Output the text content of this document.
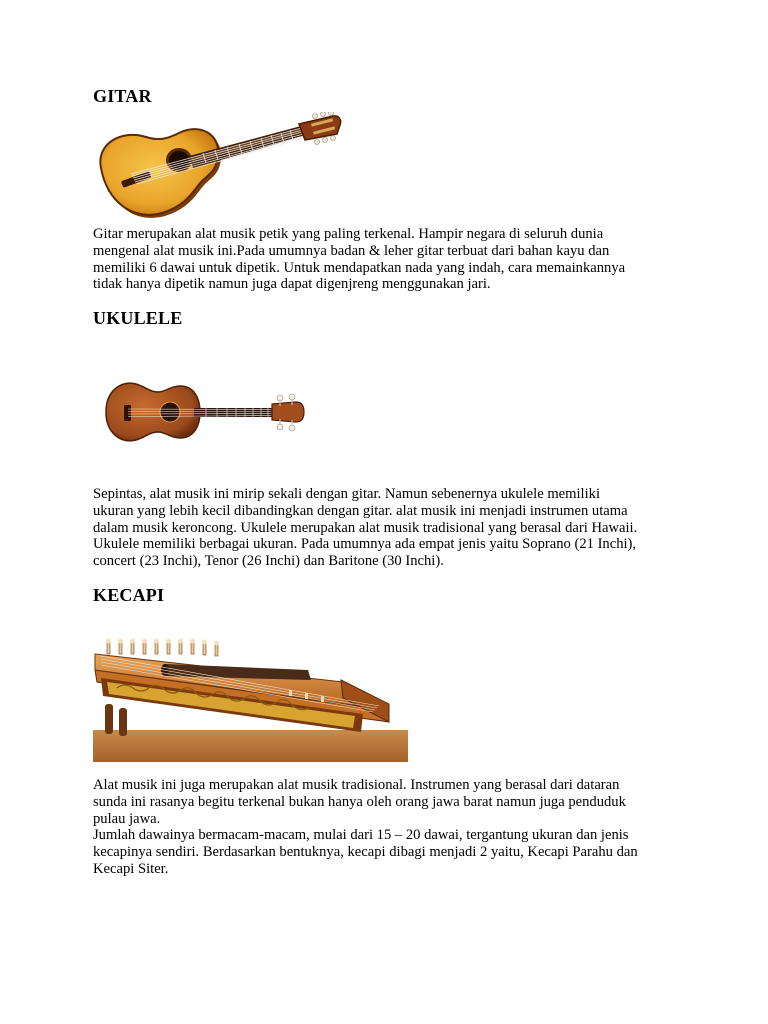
GITAR

Gitar merupakan alat musik petik yang paling terkenal. Hampir negara di seluruh dunia
mengenal alat musik ini.Pada umumnya badan & leher gitar terbuat dari bahan kayu dan
memiliki 6 dawai untuk dipetik. Untuk mendapatkan nada yang indah, cara memainkannya
tidak hanya dipetik namun juga dapat digenjreng menggunakan jari.

UKULELE

Sepintas, alat musik ini mirip sekali dengan gitar. Namun sebenernya ukulele memiliki
ukuran yang lebih kecil dibandingkan dengan gitar. alat musik ini menjadi instrumen utama
dalam musik keroncong. Ukulele merupakan alat musik tradisional yang berasal dari Hawaii.
Ukulele memiliki berbagai ukuran. Pada umumnya ada empat jenis yaitu Soprano (21 Inchi),
concert (23 Inchi), Tenor (26 Inchi) dan Baritone (30 Inchi).

KECAPI

Alat musik ini juga merupakan alat musik tradisional. Instrumen yang berasal dari dataran
sunda ini rasanya begitu terkenal bukan hanya oleh orang jawa barat namun juga penduduk
pulau jawa.
Jumlah dawainya bermacam-macam, mulai dari 15 – 20 dawai, tergantung ukuran dan jenis
kecapinya sendiri. Berdasarkan bentuknya, kecapi dibagi menjadi 2 yaitu, Kecapi Parahu dan
Kecapi Siter.
